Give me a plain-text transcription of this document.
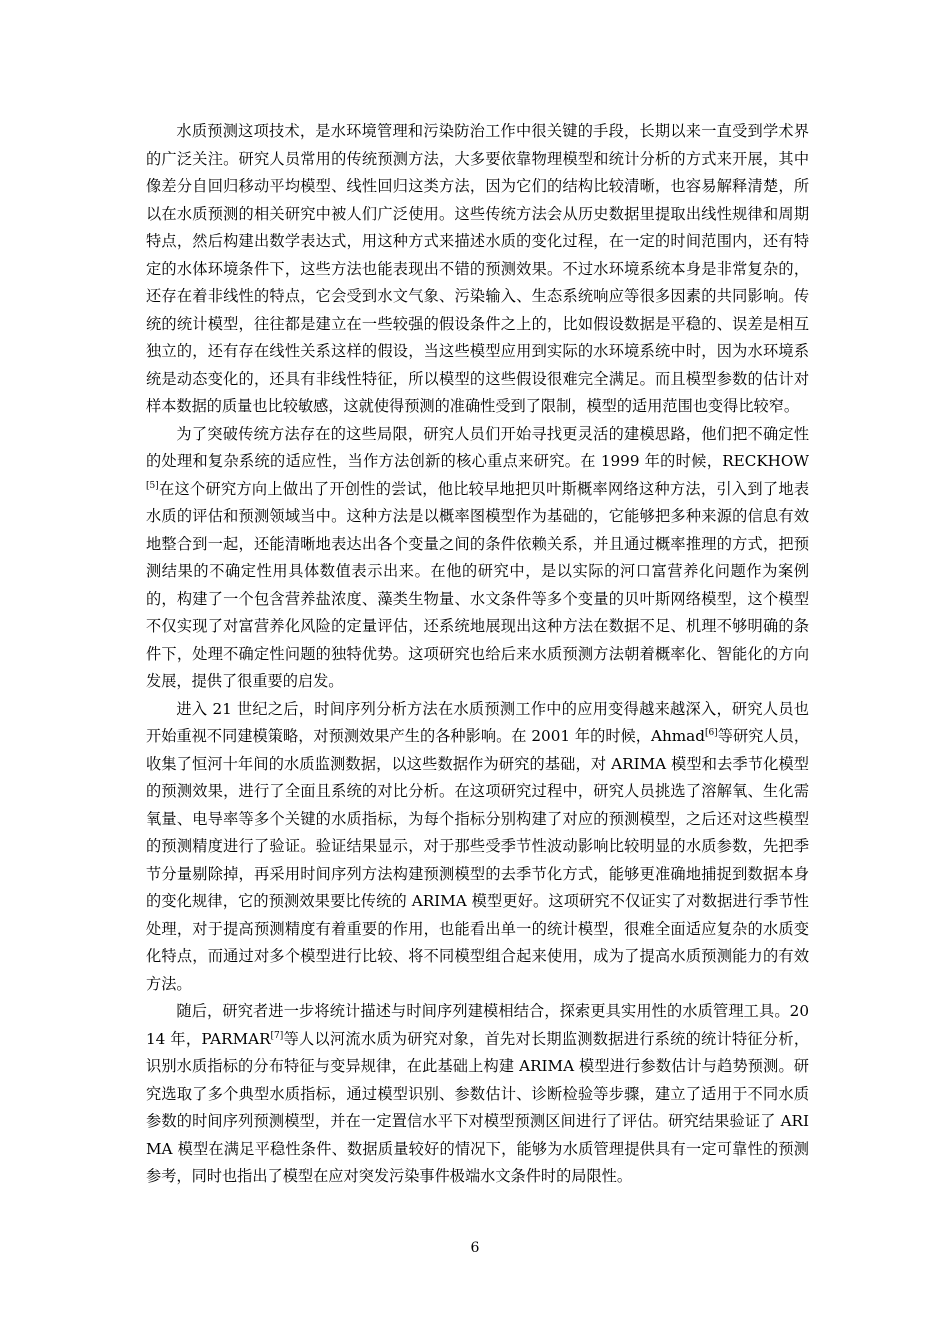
水质预测这项技术，是水环境管理和污染防治工作中很关键的手段，长期以来一直受到学术界的广泛关注。研究人员常用的传统预测方法，大多要依靠物理模型和统计分析的方式来开展，其中像差分自回归移动平均模型、线性回归这类方法，因为它们的结构比较清晰，也容易解释清楚，所以在水质预测的相关研究中被人们广泛使用。这些传统方法会从历史数据里提取出线性规律和周期特点，然后构建出数学表达式，用这种方式来描述水质的变化过程，在一定的时间范围内，还有特定的水体环境条件下，这些方法也能表现出不错的预测效果。不过水环境系统本身是非常复杂的，还存在着非线性的特点，它会受到水文气象、污染输入、生态系统响应等很多因素的共同影响。传统的统计模型，往往都是建立在一些较强的假设条件之上的，比如假设数据是平稳的、误差是相互独立的，还有存在线性关系这样的假设，当这些模型应用到实际的水环境系统中时，因为水环境系统是动态变化的，还具有非线性特征，所以模型的这些假设很难完全满足。而且模型参数的估计对样本数据的质量也比较敏感，这就使得预测的准确性受到了限制，模型的适用范围也变得比较窄。

为了突破传统方法存在的这些局限，研究人员们开始寻找更灵活的建模思路，他们把不确定性的处理和复杂系统的适应性，当作方法创新的核心重点来研究。在 1999 年的时候，RECKHOW[5]在这个研究方向上做出了开创性的尝试，他比较早地把贝叶斯概率网络这种方法，引入到了地表水质的评估和预测领域当中。这种方法是以概率图模型作为基础的，它能够把多种来源的信息有效地整合到一起，还能清晰地表达出各个变量之间的条件依赖关系，并且通过概率推理的方式，把预测结果的不确定性用具体数值表示出来。在他的研究中，是以实际的河口富营养化问题作为案例的，构建了一个包含营养盐浓度、藻类生物量、水文条件等多个变量的贝叶斯网络模型，这个模型不仅实现了对富营养化风险的定量评估，还系统地展现出这种方法在数据不足、机理不够明确的条件下，处理不确定性问题的独特优势。这项研究也给后来水质预测方法朝着概率化、智能化的方向发展，提供了很重要的启发。

进入 21 世纪之后，时间序列分析方法在水质预测工作中的应用变得越来越深入，研究人员也开始重视不同建模策略，对预测效果产生的各种影响。在 2001 年的时候，Ahmad[6]等研究人员，收集了恒河十年间的水质监测数据，以这些数据作为研究的基础，对 ARIMA 模型和去季节化模型的预测效果，进行了全面且系统的对比分析。在这项研究过程中，研究人员挑选了溶解氧、生化需氧量、电导率等多个关键的水质指标，为每个指标分别构建了对应的预测模型，之后还对这些模型的预测精度进行了验证。验证结果显示，对于那些受季节性波动影响比较明显的水质参数，先把季节分量剔除掉，再采用时间序列方法构建预测模型的去季节化方式，能够更准确地捕捉到数据本身的变化规律，它的预测效果要比传统的 ARIMA 模型更好。这项研究不仅证实了对数据进行季节性处理，对于提高预测精度有着重要的作用，也能看出单一的统计模型，很难全面适应复杂的水质变化特点，而通过对多个模型进行比较、将不同模型组合起来使用，成为了提高水质预测能力的有效方法。

随后，研究者进一步将统计描述与时间序列建模相结合，探索更具实用性的水质管理工具。2014 年，PARMAR[7]等人以河流水质为研究对象，首先对长期监测数据进行系统的统计特征分析，识别水质指标的分布特征与变异规律，在此基础上构建 ARIMA 模型进行参数估计与趋势预测。研究选取了多个典型水质指标，通过模型识别、参数估计、诊断检验等步骤，建立了适用于不同水质参数的时间序列预测模型，并在一定置信水平下对模型预测区间进行了评估。研究结果验证了 ARIMA 模型在满足平稳性条件、数据质量较好的情况下，能够为水质管理提供具有一定可靠性的预测参考，同时也指出了模型在应对突发污染事件极端水文条件时的局限性。

6
